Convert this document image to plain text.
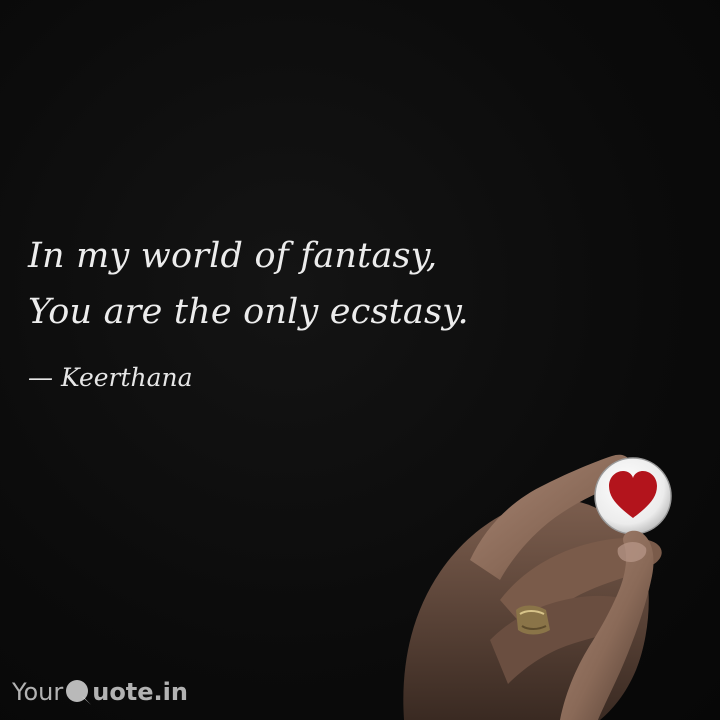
In my world of fantasy,
You are the only ecstasy.
— Keerthana
Your uote.in
